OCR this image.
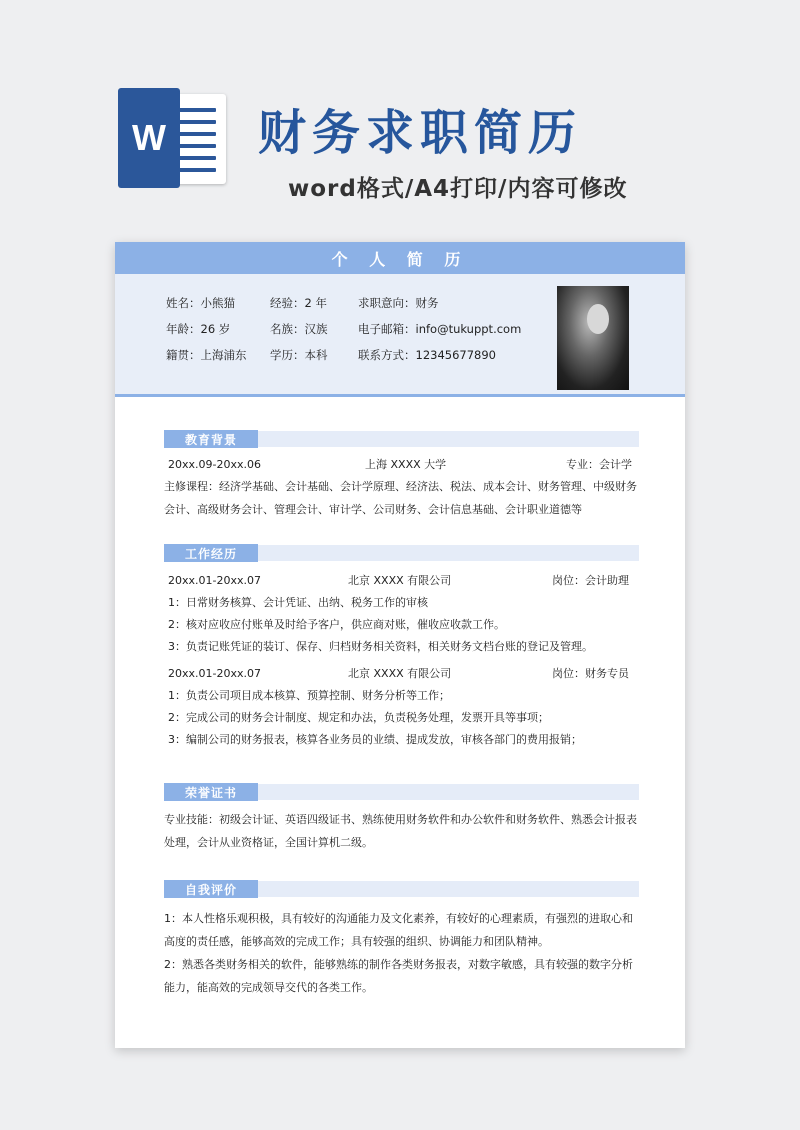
W 财务求职简历
word格式/A4打印/内容可修改
个 人 简 历
姓名：小熊猫	经验：2 年	求职意向：财务
年龄：26 岁	名族：汉族	电子邮箱：info@tukuppt.com
籍贯：上海浦东	学历：本科	联系方式：12345677890
教育背景
20xx.09-20xx.06	上海 XXXX 大学	专业：会计学
主修课程：经济学基础、会计基础、会计学原理、经济法、税法、成本会计、财务管理、中级财务会计、高级财务会计、管理会计、审计学、公司财务、会计信息基础、会计职业道德等
工作经历
20xx.01-20xx.07	北京 XXXX 有限公司	岗位：会计助理
1：日常财务核算、会计凭证、出纳、税务工作的审核
2：核对应收应付账单及时给予客户，供应商对账，催收应收款工作。
3：负责记账凭证的装订、保存、归档财务相关资料，相关财务文档台账的登记及管理。
20xx.01-20xx.07	北京 XXXX 有限公司	岗位：财务专员
1：负责公司项目成本核算、预算控制、财务分析等工作；
2：完成公司的财务会计制度、规定和办法，负责税务处理，发票开具等事项；
3：编制公司的财务报表，核算各业务员的业绩、提成发放，审核各部门的费用报销；
荣誉证书
专业技能：初级会计证、英语四级证书、熟练使用财务软件和办公软件和财务软件、熟悉会计报表处理，会计从业资格证，全国计算机二级。
自我评价
1：本人性格乐观积极，具有较好的沟通能力及文化素养，有较好的心理素质，有强烈的进取心和高度的责任感，能够高效的完成工作；具有较强的组织、协调能力和团队精神。
2：熟悉各类财务相关的软件，能够熟练的制作各类财务报表，对数字敏感，具有较强的数字分析能力，能高效的完成领导交代的各类工作。
